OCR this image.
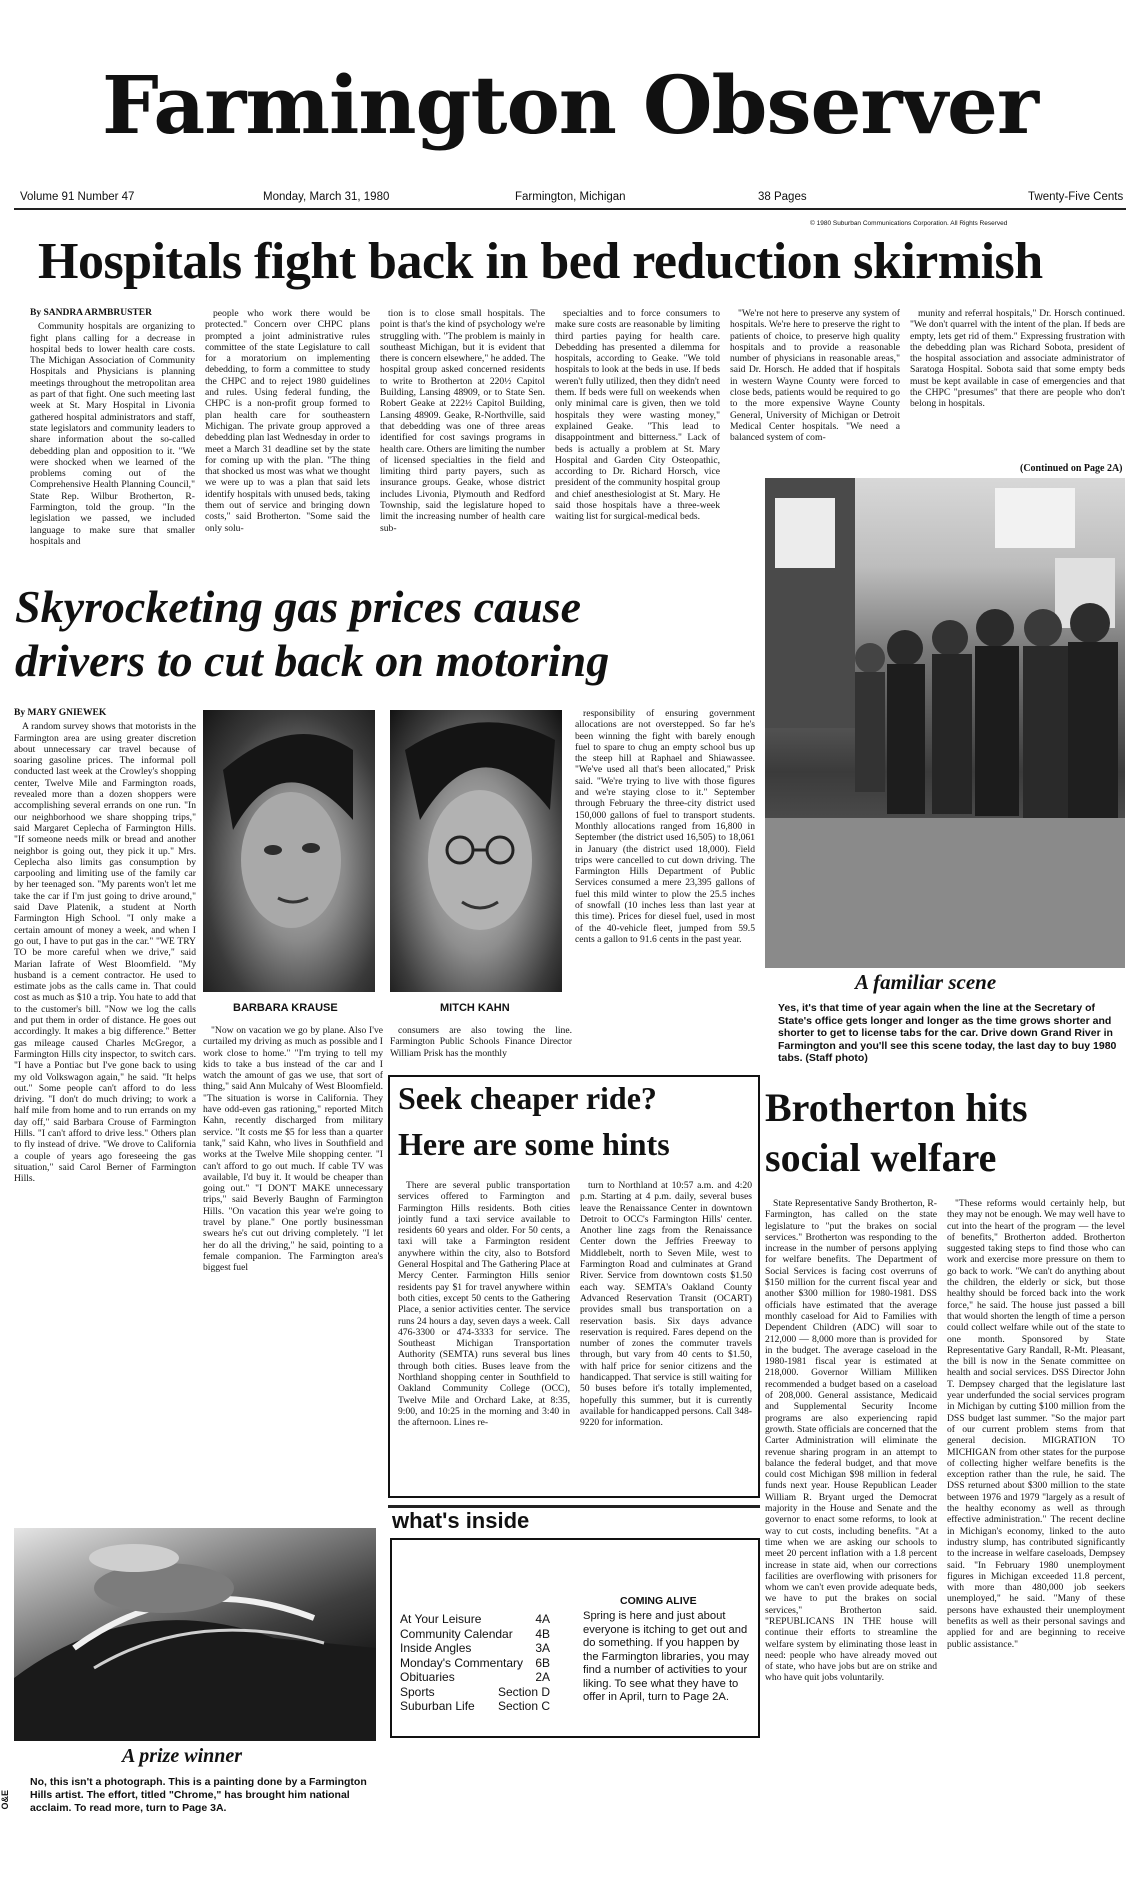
Farmington Observer
Volume 91 Number 47	Monday, March 31, 1980	Farmington, Michigan	38 Pages	Twenty-Five Cents
© 1980 Suburban Communications Corporation. All Rights Reserved
Hospitals fight back in bed reduction skirmish
By SANDRA ARMBRUSTER

Community hospitals are organizing to fight plans calling for a decrease in hospital beds to lower health care costs. The Michigan Association of Community Hospitals and Physicians is planning meetings throughout the metropolitan area as part of that fight. One such meeting last week at St. Mary Hospital in Livonia gathered hospital administrators and staff, state legislators and community leaders to share information about the so-called debedding plan and opposition to it. "We were shocked when we learned of the problems coming out of the Comprehensive Health Planning Council," State Rep. Wilbur Brotherton, R-Farmington, told the group. "In the legislation we passed, we included language to make sure that smaller hospitals and

people who work there would be protected." Concern over CHPC plans prompted a joint administrative rules committee of the state Legislature to call for a moratorium on implementing debedding, to form a committee to study the CHPC and to reject 1980 guidelines and rules. Using federal funding, the CHPC is a non-profit group formed to plan health care for southeastern Michigan. The private group approved a debedding plan last Wednesday in order to meet a March 31 deadline set by the state for coming up with the plan. "The thing that shocked us most was what we thought we were up to was a plan that said lets identify hospitals with unused beds, taking them out of service and bringing down costs," said Brotherton. "Some said the only solu-

tion is to close small hospitals. The point is that's the kind of psychology we're struggling with. "The problem is mainly in southeast Michigan, but it is evident that there is concern elsewhere," he added. The hospital group asked concerned residents to write to Brotherton at 220½ Capitol Building, Lansing 48909, or to State Sen. Robert Geake at 222½ Capitol Building, Lansing 48909. Geake, R-Northville, said that debedding was one of three areas identified for cost savings programs in health care. Others are limiting the number of licensed specialties in the field and limiting third party payers, such as insurance groups. Geake, whose district includes Livonia, Plymouth and Redford Township, said the legislature hoped to limit the increasing number of health care sub-

specialties and to force consumers to make sure costs are reasonable by limiting third parties paying for health care. Debedding has presented a dilemma for hospitals, according to Geake. "We told hospitals to look at the beds in use. If beds weren't fully utilized, then they didn't need them. If beds were full on weekends when only minimal care is given, then we told hospitals they were wasting money," explained Geake. "This lead to disappointment and bitterness." Lack of beds is actually a problem at St. Mary Hospital and Garden City Osteopathic, according to Dr. Richard Horsch, vice president of the community hospital group and chief anesthesiologist at St. Mary. He said those hospitals have a three-week waiting list for surgical-medical beds.

"We're not here to preserve any system of hospitals. We're here to preserve the right to patients of choice, to preserve high quality hospitals and to provide a reasonable number of physicians in reasonable areas," said Dr. Horsch. He added that if hospitals in western Wayne County were forced to close beds, patients would be required to go to the more expensive Wayne County General, University of Michigan or Detroit Medical Center hospitals. "We need a balanced system of com-

munity and referral hospitals," Dr. Horsch continued. "We don't quarrel with the intent of the plan. If beds are empty, lets get rid of them." Expressing frustration with the debedding plan was Richard Sobota, president of the hospital association and associate administrator of Saratoga Hospital. Sobota said that some empty beds must be kept available in case of emergencies and that the CHPC "presumes" that there are people who don't belong in hospitals.

(Continued on Page 2A)
A familiar scene
Yes, it's that time of year again when the line at the Secretary of State's office gets longer and longer as the time grows shorter and shorter to get to license tabs for the car. Drive down Grand River in Farmington and you'll see this scene today, the last day to buy 1980 tabs. (Staff photo)
Skyrocketing gas prices cause
drivers to cut back on motoring
By MARY GNIEWEK

A random survey shows that motorists in the Farmington area are using greater discretion about unnecessary car travel because of soaring gasoline prices. The informal poll conducted last week at the Crowley's shopping center, Twelve Mile and Farmington roads, revealed more than a dozen shoppers were accomplishing several errands on one run. "In our neighborhood we share shopping trips," said Margaret Ceplecha of Farmington Hills. "If someone needs milk or bread and another neighbor is going out, they pick it up." Mrs. Ceplecha also limits gas consumption by carpooling and limiting use of the family car by her teenaged son. "My parents won't let me take the car if I'm just going to drive around," said Dave Platenik, a student at North Farmington High School. "I only make a certain amount of money a week, and when I go out, I have to put gas in the car." "WE TRY TO be more careful when we drive," said Marian Iafrate of West Bloomfield. "My husband is a cement contractor. He used to estimate jobs as the calls came in. That could cost as much as $10 a trip. You hate to add that to the customer's bill. "Now we log the calls and put them in order of distance. He goes out accordingly. It makes a big difference." Better gas mileage caused Charles McGregor, a Farmington Hills city inspector, to switch cars. "I have a Pontiac but I've gone back to using my old Volkswagon again," he said. "It helps out." Some people can't afford to do less driving. "I don't do much driving; to work a half mile from home and to run errands on my day off," said Barbara Crouse of Farmington Hills. "I can't afford to drive less." Others plan to fly instead of drive. "We drove to California a couple of years ago foreseeing the gas situation," said Carol Berner of Farmington Hills.

BARBARA KRAUSE	MITCH KAHN

responsibility of ensuring government allocations are not overstepped. So far he's been winning the fight with barely enough fuel to spare to chug an empty school bus up the steep hill at Raphael and Shiawassee. "We've used all that's been allocated," Prisk said. "We're trying to live with those figures and we're staying close to it." September through February the three-city district used 150,000 gallons of fuel to transport students. Monthly allocations ranged from 16,800 in September (the district used 16,505) to 18,061 in January (the district used 18,000). Field trips were cancelled to cut down driving. The Farmington Hills Department of Public Services consumed a mere 23,395 gallons of fuel this mild winter to plow the 25.5 inches of snowfall (10 inches less than last year at this time). Prices for diesel fuel, used in most of the 40-vehicle fleet, jumped from 59.5 cents a gallon to 91.6 cents in the past year.

"Now on vacation we go by plane. Also I've curtailed my driving as much as possible and I work close to home." "I'm trying to tell my kids to take a bus instead of the car and I watch the amount of gas we use, that sort of thing," said Ann Mulcahy of West Bloomfield. "The situation is worse in California. They have odd-even gas rationing," reported Mitch Kahn, recently discharged from military service. "It costs me $5 for less than a quarter tank," said Kahn, who lives in Southfield and works at the Twelve Mile shopping center. "I can't afford to go out much. If cable TV was available, I'd buy it. It would be cheaper than going out." "I DON'T MAKE unnecessary trips," said Beverly Baughn of Farmington Hills. "On vacation this year we're going to travel by plane." One portly businessman swears he's cut out driving completely. "I let her do all the driving," he said, pointing to a female companion. The Farmington area's biggest fuel

consumers are also towing the line. Farmington Public Schools Finance Director William Prisk has the monthly

Seek cheaper ride?
Here are some hints

There are several public transportation services offered to Farmington and Farmington Hills residents. Both cities jointly fund a taxi service available to residents 60 years and older. For 50 cents, a taxi will take a Farmington resident anywhere within the city, also to Botsford General Hospital and The Gathering Place at Mercy Center. Farmington Hills senior residents pay $1 for travel anywhere within both cities, except 50 cents to the Gathering Place, a senior activities center. The service runs 24 hours a day, seven days a week. Call 476-3300 or 474-3333 for service. The Southeast Michigan Transportation Authority (SEMTA) runs several bus lines through both cities. Buses leave from the Northland shopping center in Southfield to Oakland Community College (OCC), Twelve Mile and Orchard Lake, at 8:35, 9:00, and 10:25 in the morning and 3:40 in the afternoon. Lines re-

turn to Northland at 10:57 a.m. and 4:20 p.m. Starting at 4 p.m. daily, several buses leave the Renaissance Center in downtown Detroit to OCC's Farmington Hills' center. Another line zags from the Renaissance Center down the Jeffries Freeway to Middlebelt, north to Seven Mile, west to Farmington Road and culminates at Grand River. Service from downtown costs $1.50 each way. SEMTA's Oakland County Advanced Reservation Transit (OCART) provides small bus transportation on a reservation basis. Six days advance reservation is required. Fares depend on the number of zones the commuter travels through, but vary from 40 cents to $1.50, with half price for senior citizens and the handicapped. That service is still waiting for 50 buses before it's totally implemented, hopefully this summer, but it is currently available for handicapped persons. Call 348-9220 for information.

what's inside
At Your Leisure	4A
Community Calendar 4B
Inside Angles	3A
Monday's Commentary 6B
Obituaries	2A
Sports	Section D
Suburban Life Section C
COMING ALIVE
Spring is here and just about everyone is itching to get out and do something. If you happen by the Farmington libraries, you may find a number of activities to your liking. To see what they have to offer in April, turn to Page 2A.
A prize winner
No, this isn't a photograph. This is a painting done by a Farmington Hills artist. The effort, titled "Chrome," has brought him national acclaim. To read more, turn to Page 3A.
Brotherton hits
social welfare

State Representative Sandy Brotherton, R-Farmington, has called on the state legislature to "put the brakes on social services." Brotherton was responding to the increase in the number of persons applying for welfare benefits. The Department of Social Services is facing cost overruns of $150 million for the current fiscal year and another $300 million for 1980-1981. DSS officials have estimated that the average monthly caseload for Aid to Families with Dependent Children (ADC) will soar to 212,000 — 8,000 more than is provided for in the budget. The average caseload in the 1980-1981 fiscal year is estimated at 218,000. Governor William Milliken recommended a budget based on a caseload of 208,000. General assistance, Medicaid and Supplemental Security Income programs are also experiencing rapid growth. State officials are concerned that the Carter Administration will eliminate the revenue sharing program in an attempt to balance the federal budget, and that move could cost Michigan $98 million in federal funds next year. House Republican Leader William R. Bryant urged the Democrat majority in the House and Senate and the governor to enact some reforms, to look at way to cut costs, including benefits. "At a time when we are asking our schools to meet 20 percent inflation with a 1.8 percent increase in state aid, when our corrections facilities are overflowing with prisoners for whom we can't even provide adequate beds, we have to put the brakes on social services," Brotherton said. "REPUBLICANS IN THE house will continue their efforts to streamline the welfare system by eliminating those least in need: people who have already moved out of state, who have jobs but are on strike and who have quit jobs voluntarily.

"These reforms would certainly help, but they may not be enough. We may well have to cut into the heart of the program — the level of benefits," Brotherton added. Brotherton suggested taking steps to find those who can work and exercise more pressure on them to go back to work. "We can't do anything about the children, the elderly or sick, but those healthy should be forced back into the work force," he said. The house just passed a bill that would shorten the length of time a person could collect welfare while out of the state to one month. Sponsored by State Representative Gary Randall, R-Mt. Pleasant, the bill is now in the Senate committee on health and social services. DSS Director John T. Dempsey charged that the legislature last year underfunded the social services program in Michigan by cutting $100 million from the DSS budget last summer. "So the major part of our current problem stems from that general decision. MIGRATION TO MICHIGAN from other states for the purpose of collecting higher welfare benefits is the exception rather than the rule, he said. The DSS returned about $300 million to the state between 1976 and 1979 "largely as a result of the healthy economy as well as through effective administration." The recent decline in Michigan's economy, linked to the auto industry slump, has contributed significantly to the increase in welfare caseloads, Dempsey said. "In February 1980 unemployment figures in Michigan exceeded 11.8 percent, with more than 480,000 job seekers unemployed," he said. "Many of these persons have exhausted their unemployment benefits as well as their personal savings and applied for and are beginning to receive public assistance."

O&E
